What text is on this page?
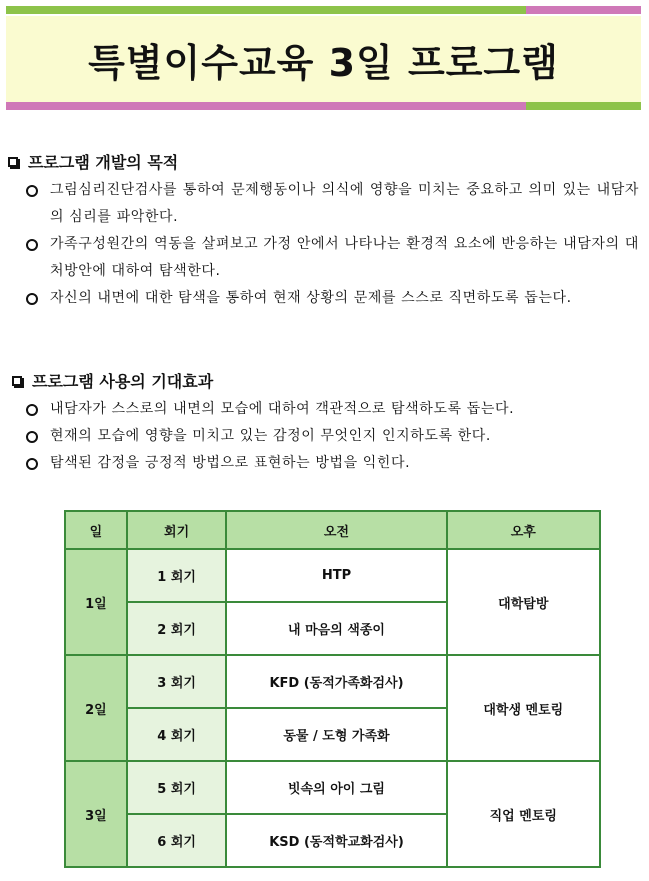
특별이수교육 3일 프로그램
프로그램 개발의 목적
그림심리진단검사를 통하여 문제행동이나 의식에 영향을 미치는 중요하고 의미 있는 내담자의 심리를 파악한다.
가족구성원간의 역동을 살펴보고 가정 안에서 나타나는 환경적 요소에 반응하는 내담자의 대처방안에 대하여 탐색한다.
자신의 내면에 대한 탐색을 통하여 현재 상황의 문제를 스스로 직면하도록 돕는다.
프로그램 사용의 기대효과
내담자가 스스로의 내면의 모습에 대하여 객관적으로 탐색하도록 돕는다.
현재의 모습에 영향을 미치고 있는 감정이 무엇인지 인지하도록 한다.
탐색된 감정을 긍정적 방법으로 표현하는 방법을 익힌다.
일	회기	오전	오후
1일	1 회기	HTP	대학탐방
	2 회기	내 마음의 색종이	
2일	3 회기	KFD (동적가족화검사)	대학생 멘토링
	4 회기	동물 / 도형 가족화	
3일	5 회기	빗속의 아이 그림	직업 멘토링
	6 회기	KSD (동적학교화검사)	
